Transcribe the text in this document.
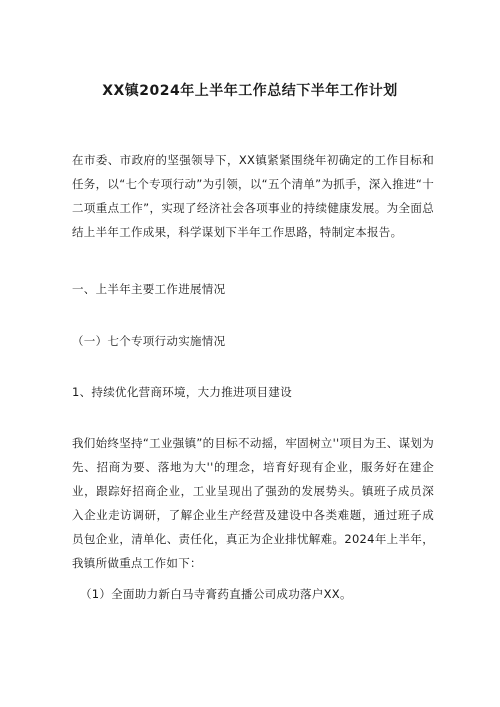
XX镇2024年上半年工作总结下半年工作计划
在市委、市政府的坚强领导下，XX镇紧紧围绕年初确定的工作目标和任务，以“七个专项行动”为引领，以“五个清单”为抓手，深入推进“十二项重点工作”，实现了经济社会各项事业的持续健康发展。为全面总结上半年工作成果，科学谋划下半年工作思路，特制定本报告。
一、上半年主要工作进展情况
（一）七个专项行动实施情况
1、持续优化营商环境，大力推进项目建设
我们始终坚持“工业强镇”的目标不动摇，牢固树立''项目为王、谋划为先、招商为要、落地为大''的理念，培育好现有企业，服务好在建企业，跟踪好招商企业，工业呈现出了强劲的发展势头。镇班子成员深入企业走访调研，了解企业生产经营及建设中各类难题，通过班子成员包企业，清单化、责任化，真正为企业排忧解难。2024年上半年，我镇所做重点工作如下：
（1）全面助力新白马寺膏药直播公司成功落户XX。
